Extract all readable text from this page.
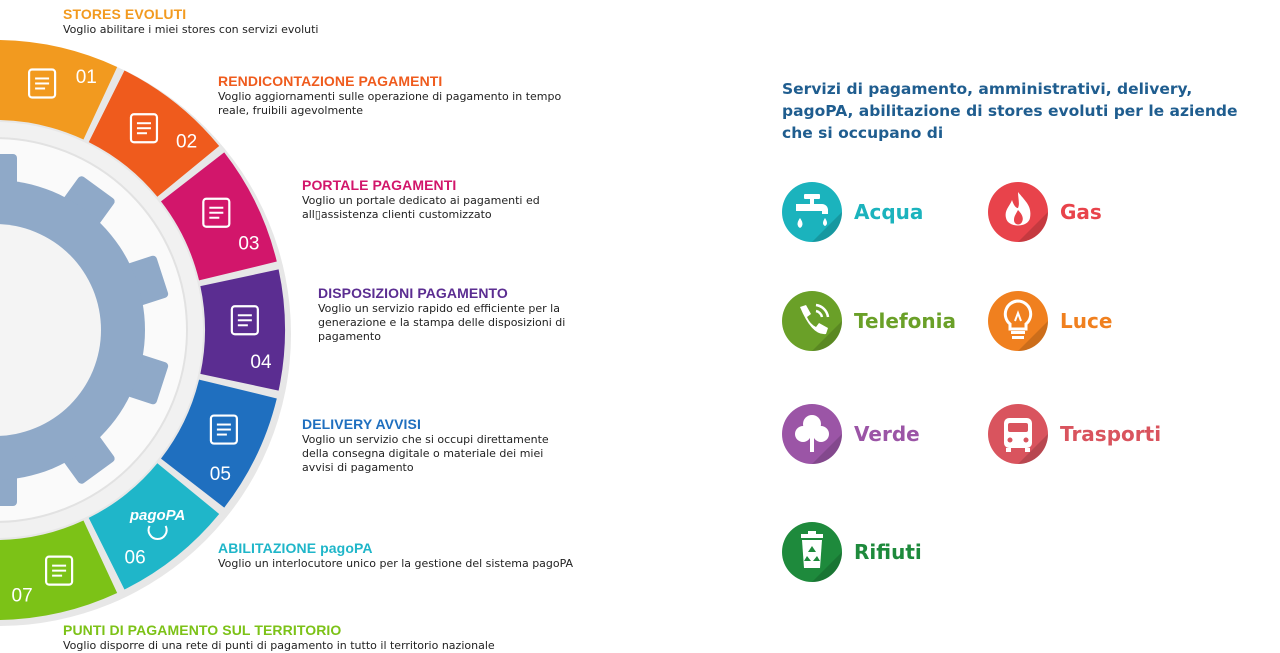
01
02
03
04
05
06
pagoPA
07
STORES EVOLUTI
Voglio abilitare i miei stores con servizi evoluti
RENDICONTAZIONE PAGAMENTI
Voglio aggiornamenti sulle operazione di pagamento in tempo reale, fruibili agevolmente
PORTALE PAGAMENTI
Voglio un portale dedicato ai pagamenti ed all▯аssistenza clienti customizzato
DISPOSIZIONI PAGAMENTO
Voglio un servizio rapido ed efficiente per la generazione e la stampa delle disposizioni di pagamento
DELIVERY AVVISI
Voglio un servizio che si occupi direttamente della consegna digitale o materiale dei miei avvisi di pagamento
ABILITAZIONE pagoPA
Voglio un interlocutore unico per la gestione del sistema pagoPA
PUNTI DI PAGAMENTO SUL TERRITORIO
Voglio disporre di una rete di punti di pagamento in tutto il territorio nazionale
Servizi di pagamento, amministrativi, delivery, pagoPA, abilitazione di stores evoluti per le aziende che si occupano di
Acqua	Gas
Telefonia	Luce
Verde	Trasporti
Rifiuti
